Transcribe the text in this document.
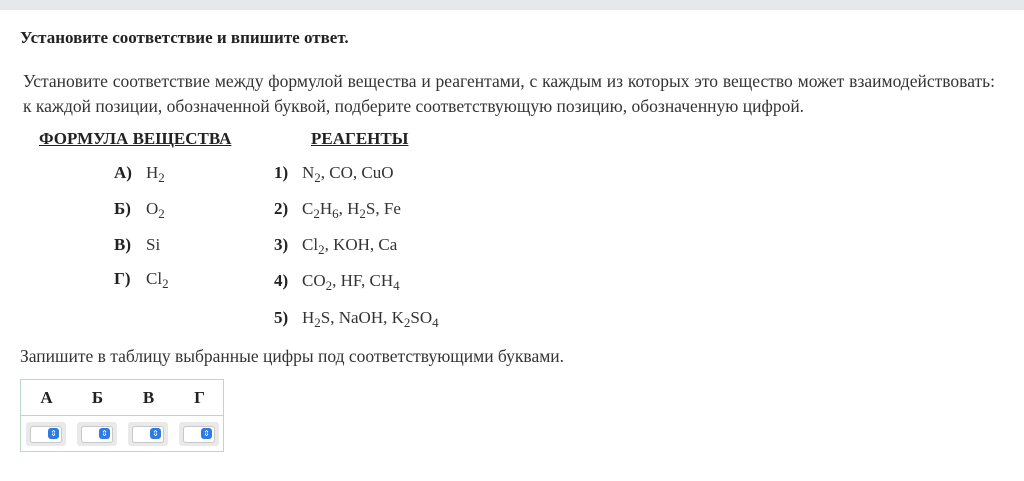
Установите соответствие и впишите ответ.
Установите соответствие между формулой вещества и реагентами, с каждым из которых это вещество может взаимодействовать: к каждой позиции, обозначенной буквой, подберите соответствующую позицию, обозначенную цифрой.
ФОРМУЛА ВЕЩЕСТВА	РЕАГЕНТЫ
А) $H_2$
Б) $O_2$
В) Si
Г) $Cl_2$
1) $N_2$, CO, CuO
2) $C_2H_6$, $H_2S$, Fe
3) $Cl_2$, KOH, Ca
4) $CO_2$, HF, $CH_4$
5) $H_2S$, NaOH, $K_2SO_4$
Запишите в таблицу выбранные цифры под соответствующими буквами.
А	Б	В	Г
⇕	⇕	⇕	⇕
